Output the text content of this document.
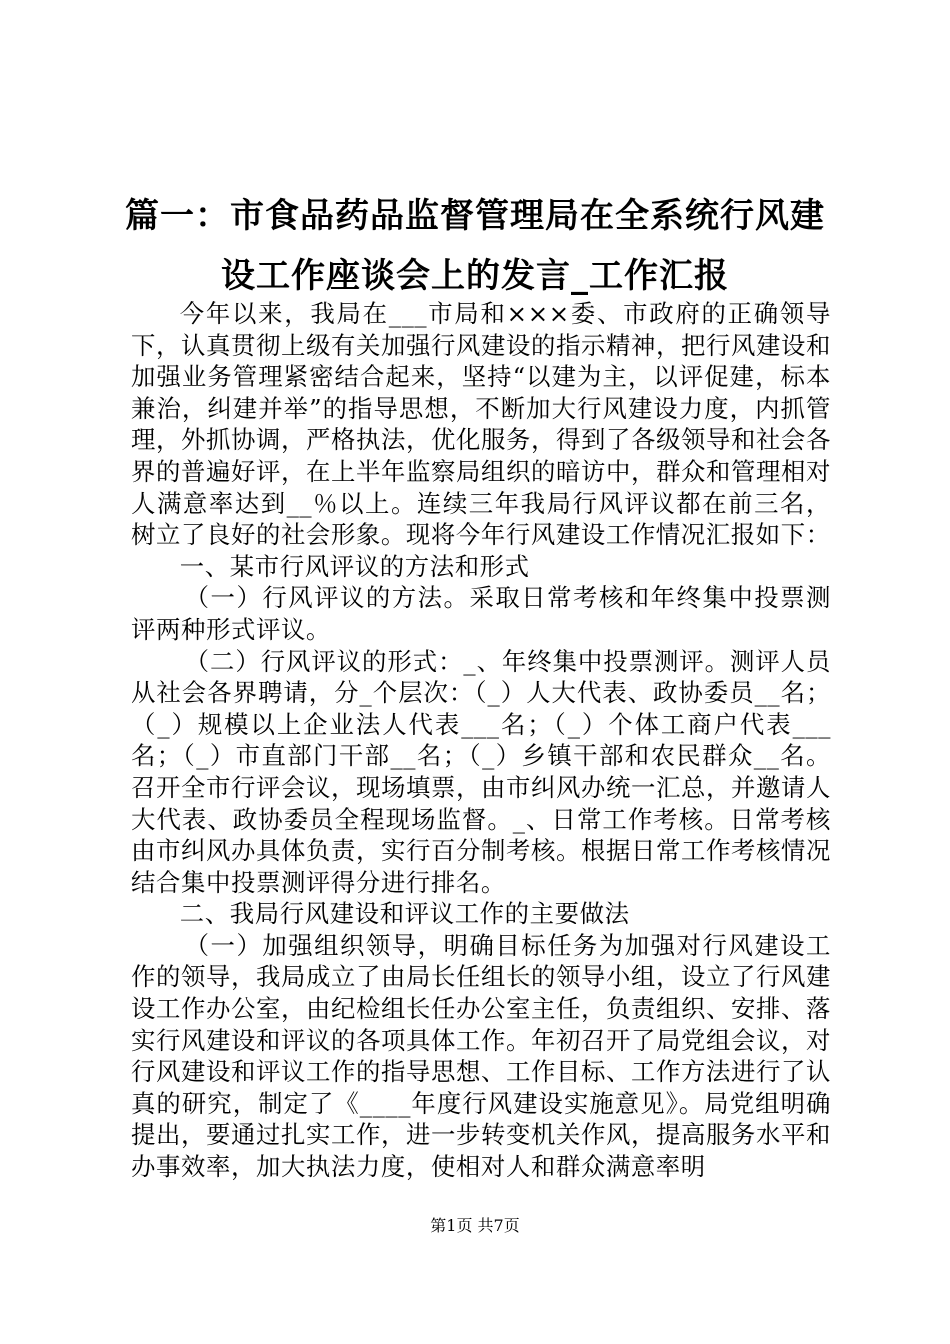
篇一：市食品药品监督管理局在全系统行风建设工作座谈会上的发言_工作汇报

今年以来，我局在___市局和×××委、市政府的正确领导下，认真贯彻上级有关加强行风建设的指示精神，把行风建设和加强业务管理紧密结合起来，坚持“以建为主，以评促建，标本兼治，纠建并举”的指导思想，不断加大行风建设力度，内抓管理，外抓协调，严格执法，优化服务，得到了各级领导和社会各界的普遍好评，在上半年监察局组织的暗访中，群众和管理相对人满意率达到__％以上。连续三年我局行风评议都在前三名，树立了良好的社会形象。现将今年行风建设工作情况汇报如下：

一、某市行风评议的方法和形式

（一）行风评议的方法。采取日常考核和年终集中投票测评两种形式评议。

（二）行风评议的形式：_、年终集中投票测评。测评人员从社会各界聘请，分_个层次：（_）人大代表、政协委员__名；（_）规模以上企业法人代表___名；（_）个体工商户代表___名；（_）市直部门干部__名；（_）乡镇干部和农民群众__名。召开全市行评会议，现场填票，由市纠风办统一汇总，并邀请人大代表、政协委员全程现场监督。_、日常工作考核。日常考核由市纠风办具体负责，实行百分制考核。根据日常工作考核情况结合集中投票测评得分进行排名。

二、我局行风建设和评议工作的主要做法

（一）加强组织领导，明确目标任务为加强对行风建设工作的领导，我局成立了由局长任组长的领导小组，设立了行风建设工作办公室，由纪检组长任办公室主任，负责组织、安排、落实行风建设和评议的各项具体工作。年初召开了局党组会议，对行风建设和评议工作的指导思想、工作目标、工作方法进行了认真的研究，制定了《____年度行风建设实施意见》。局党组明确提出，要通过扎实工作，进一步转变机关作风，提高服务水平和办事效率，加大执法力度，使相对人和群众满意率明

第1页 共7页
